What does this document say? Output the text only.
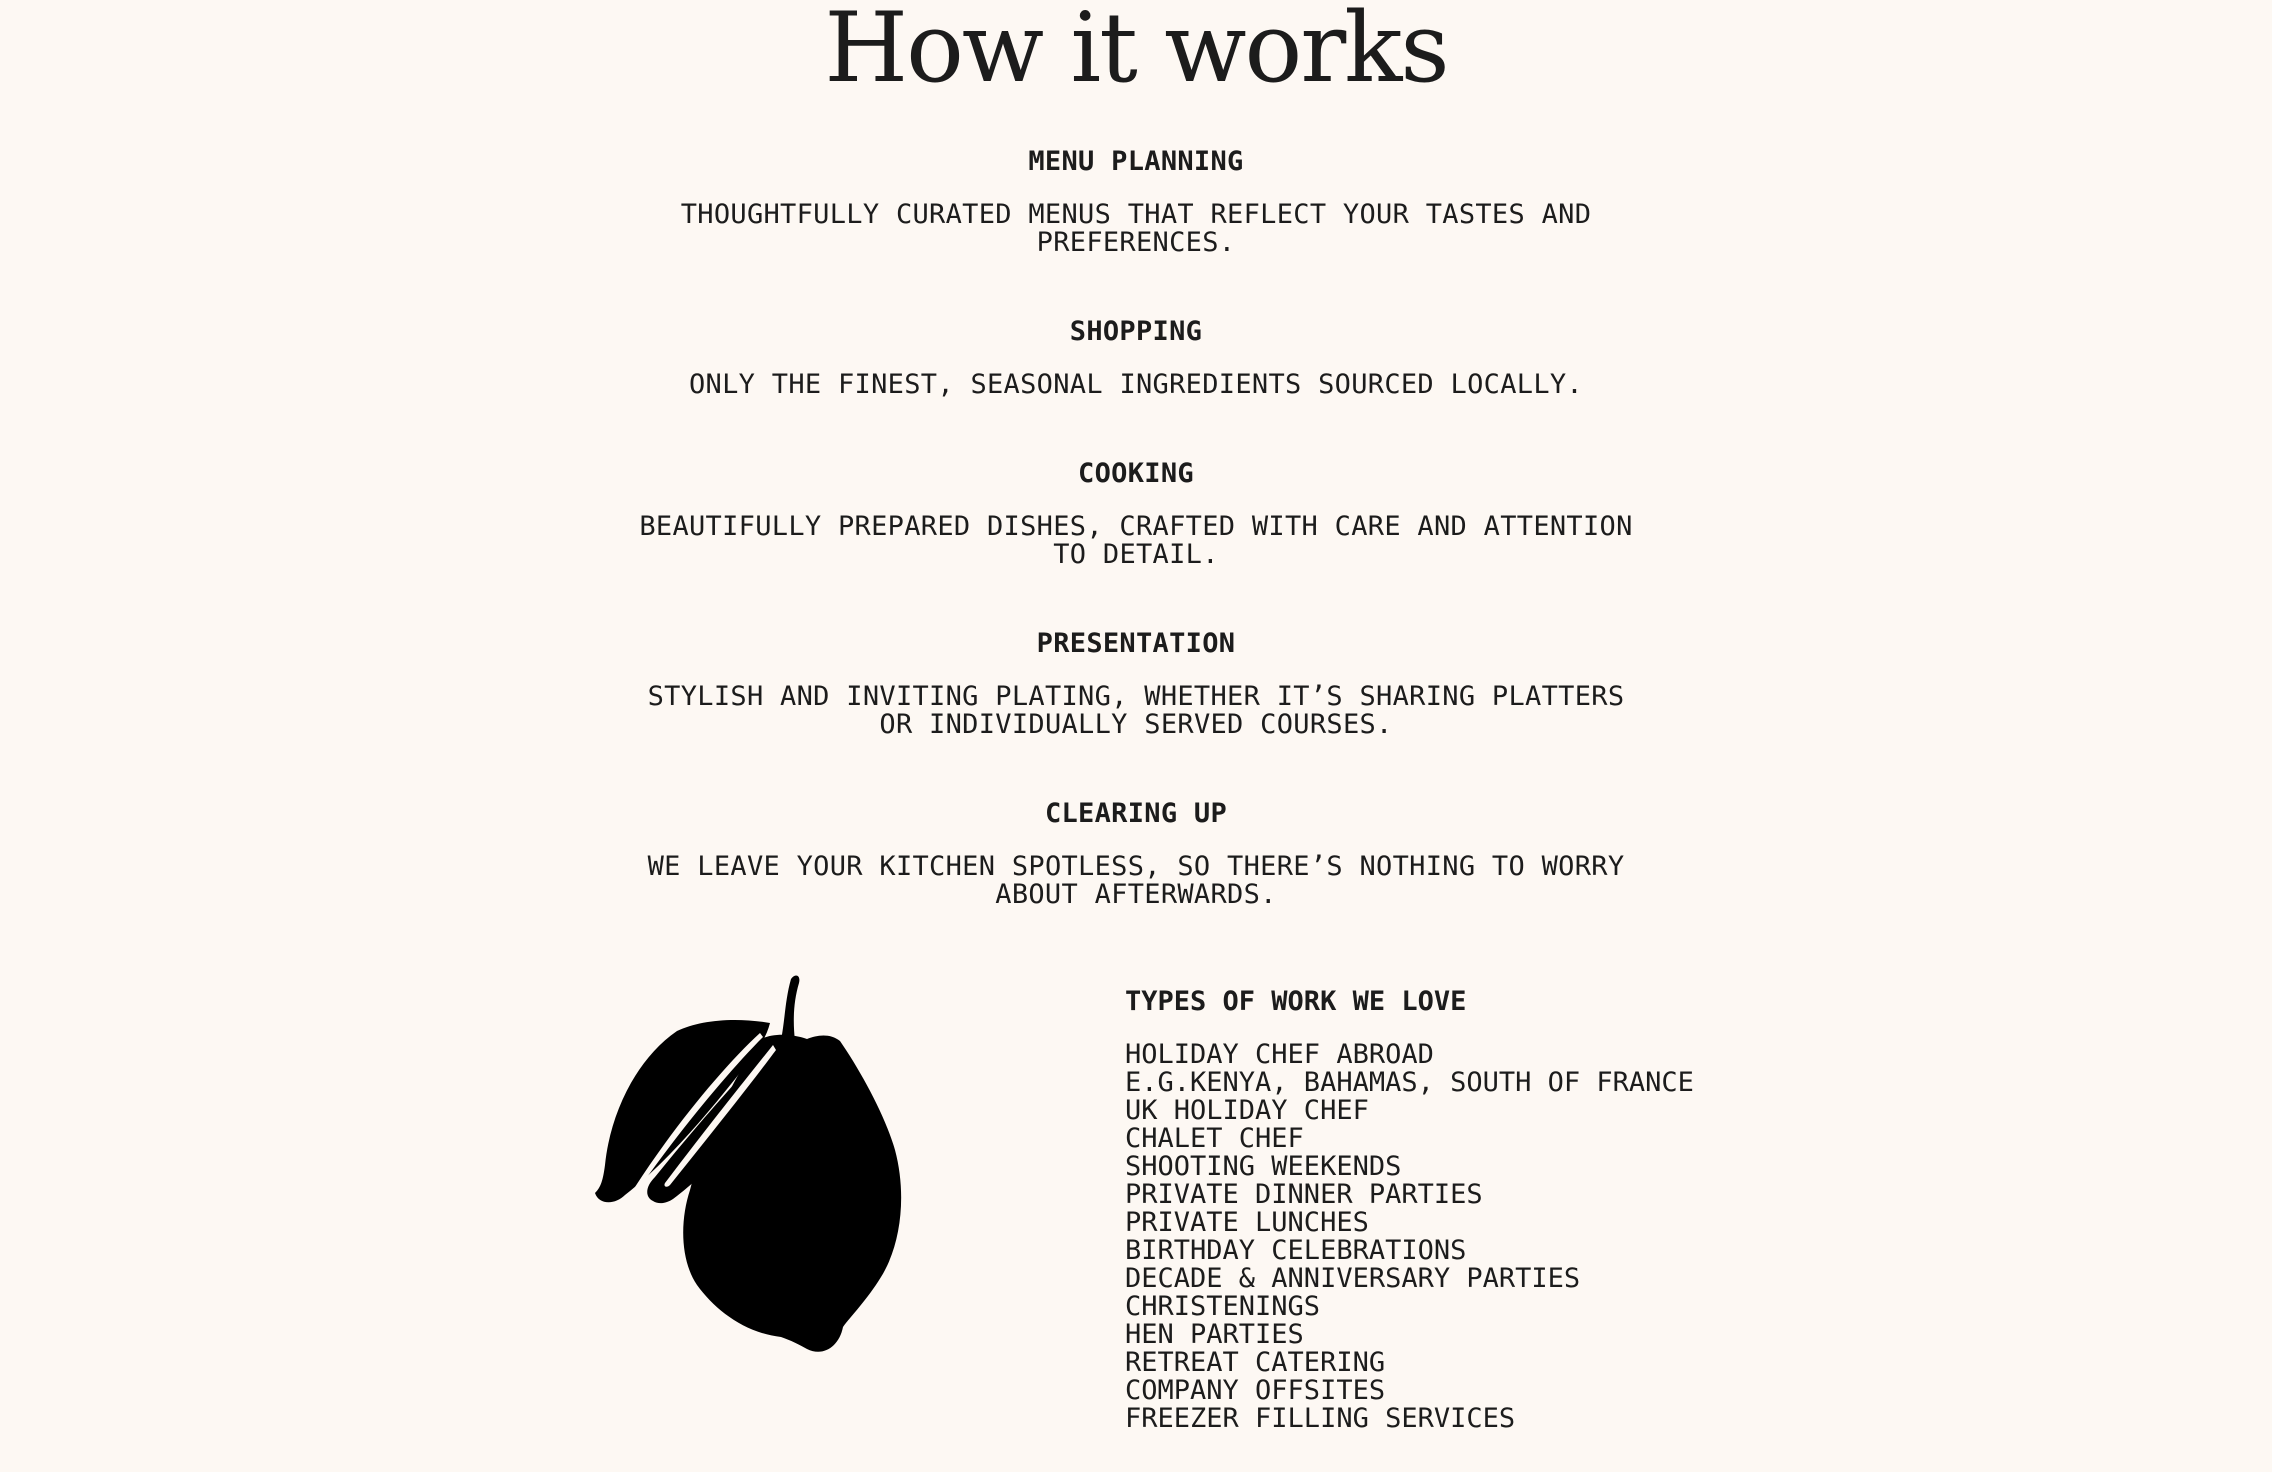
How it works
MENU PLANNING
THOUGHTFULLY CURATED MENUS THAT REFLECT YOUR TASTES AND PREFERENCES.
SHOPPING
ONLY THE FINEST, SEASONAL INGREDIENTS SOURCED LOCALLY.
COOKING
BEAUTIFULLY PREPARED DISHES, CRAFTED WITH CARE AND ATTENTION TO DETAIL.
PRESENTATION
STYLISH AND INVITING PLATING, WHETHER IT’S SHARING PLATTERS OR INDIVIDUALLY SERVED COURSES.
CLEARING UP
WE LEAVE YOUR KITCHEN SPOTLESS, SO THERE’S NOTHING TO WORRY ABOUT AFTERWARDS.
TYPES OF WORK WE LOVE
HOLIDAY CHEF ABROAD
E.G.KENYA, BAHAMAS, SOUTH OF FRANCE
UK HOLIDAY CHEF
CHALET CHEF
SHOOTING WEEKENDS
PRIVATE DINNER PARTIES
PRIVATE LUNCHES
BIRTHDAY CELEBRATIONS
DECADE & ANNIVERSARY PARTIES
CHRISTENINGS
HEN PARTIES
RETREAT CATERING
COMPANY OFFSITES
FREEZER FILLING SERVICES
